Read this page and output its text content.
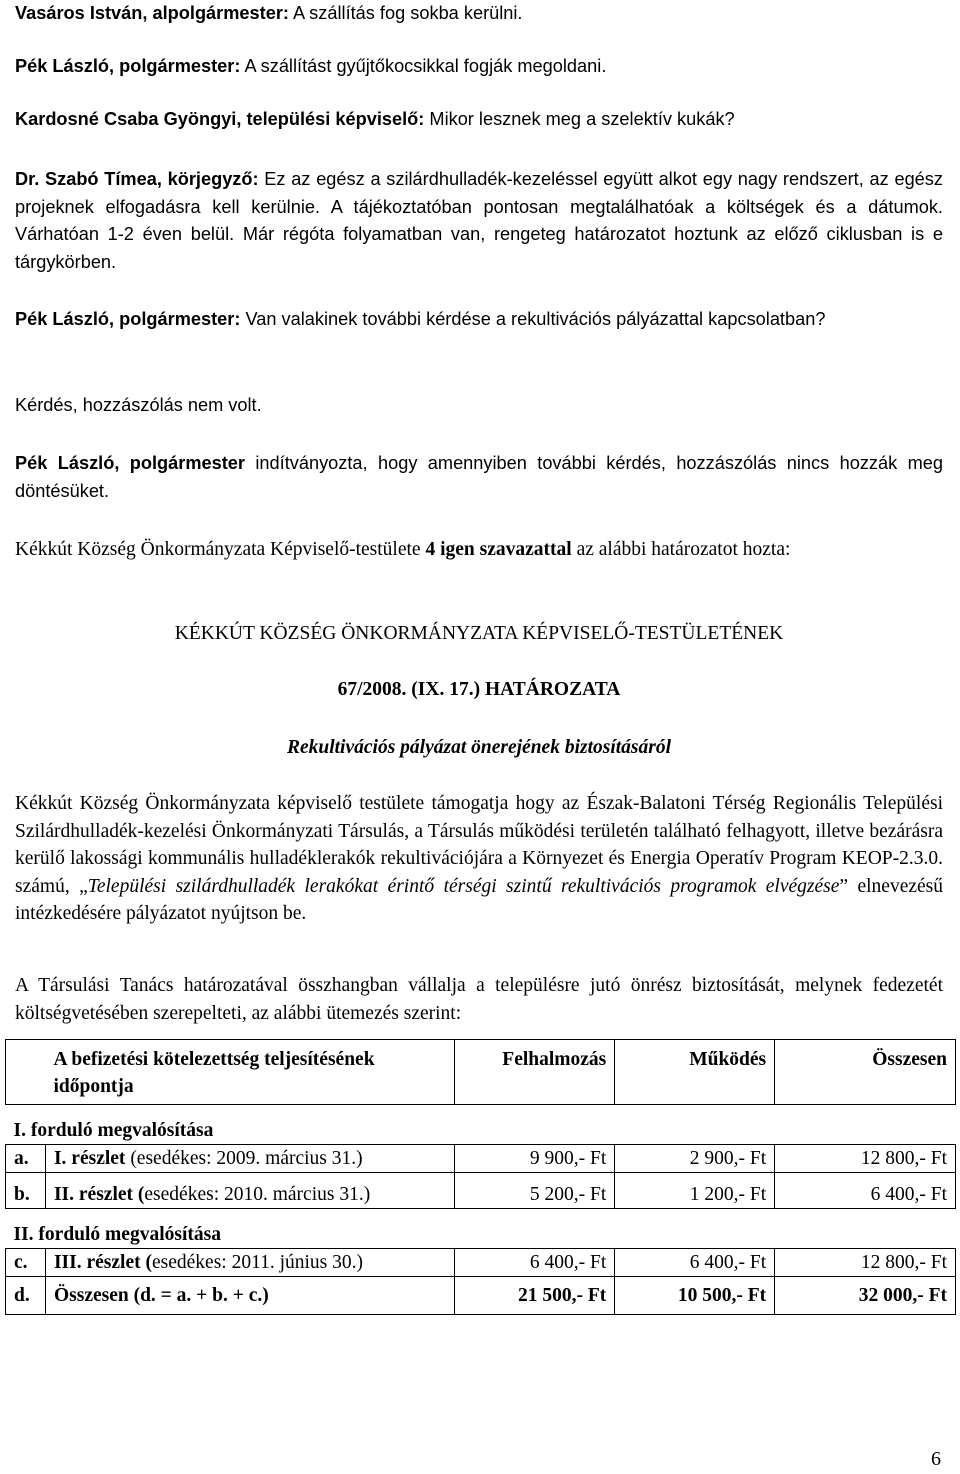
Vasáros István, alpolgármester: A szállítás fog sokba kerülni.

Pék László, polgármester: A szállítást gyűjtőkocsikkal fogják megoldani.

Kardosné Csaba Gyöngyi, települési képviselő: Mikor lesznek meg a szelektív kukák?

Dr. Szabó Tímea, körjegyző: Ez az egész a szilárdhulladék-kezeléssel együtt alkot egy nagy rendszert, az egész projeknek elfogadásra kell kerülnie. A tájékoztatóban pontosan megtalálhatóak a költségek és a dátumok. Várhatóan 1-2 éven belül. Már régóta folyamatban van, rengeteg határozatot hoztunk az előző ciklusban is e tárgykörben.

Pék László, polgármester: Van valakinek további kérdése a rekultivációs pályázattal kapcsolatban?

Kérdés, hozzászólás nem volt.

Pék László, polgármester indítványozta, hogy amennyiben további kérdés, hozzászólás nincs hozzák meg döntésüket.

Kékkút Község Önkormányzata Képviselő-testülete 4 igen szavazattal az alábbi határozatot hozta:

KÉKKÚT KÖZSÉG ÖNKORMÁNYZATA KÉPVISELŐ-TESTÜLETÉNEK

67/2008. (IX. 17.) HATÁROZATA

Rekultivációs pályázat önerejének biztosításáról

Kékkút Község Önkormányzata képviselő testülete támogatja hogy az Észak-Balatoni Térség Regionális Települési Szilárdhulladék-kezelési Önkormányzati Társulás, a Társulás működési területén található felhagyott, illetve bezárásra kerülő lakossági kommunális hulladéklerakók rekultivációjára a Környezet és Energia Operatív Program KEOP-2.3.0. számú, „Települési szilárdhulladék lerakókat érintő térségi szintű rekultivációs programok elvégzése” elnevezésű intézkedésére pályázatot nyújtson be.

A Társulási Tanács határozatával összhangban vállalja a településre jutó önrész biztosítását, melynek fedezetét költségvetésében szerepelteti, az alábbi ütemezés szerint:

	A befizetési kötelezettség teljesítésének időpontja	Felhalmozás	Működés	Összesen
I. forduló megvalósítása				
a.	I. részlet (esedékes: 2009. március 31.)	9 900,- Ft	2 900,- Ft	12 800,- Ft
b.	II. részlet (esedékes: 2010. március 31.)	5 200,- Ft	1 200,- Ft	6 400,- Ft
II. forduló megvalósítása				
c.	III. részlet (esedékes: 2011. június 30.)	6 400,- Ft	6 400,- Ft	12 800,- Ft
d.	Összesen (d. = a. + b. + c.)	21 500,- Ft	10 500,- Ft	32 000,- Ft
6
